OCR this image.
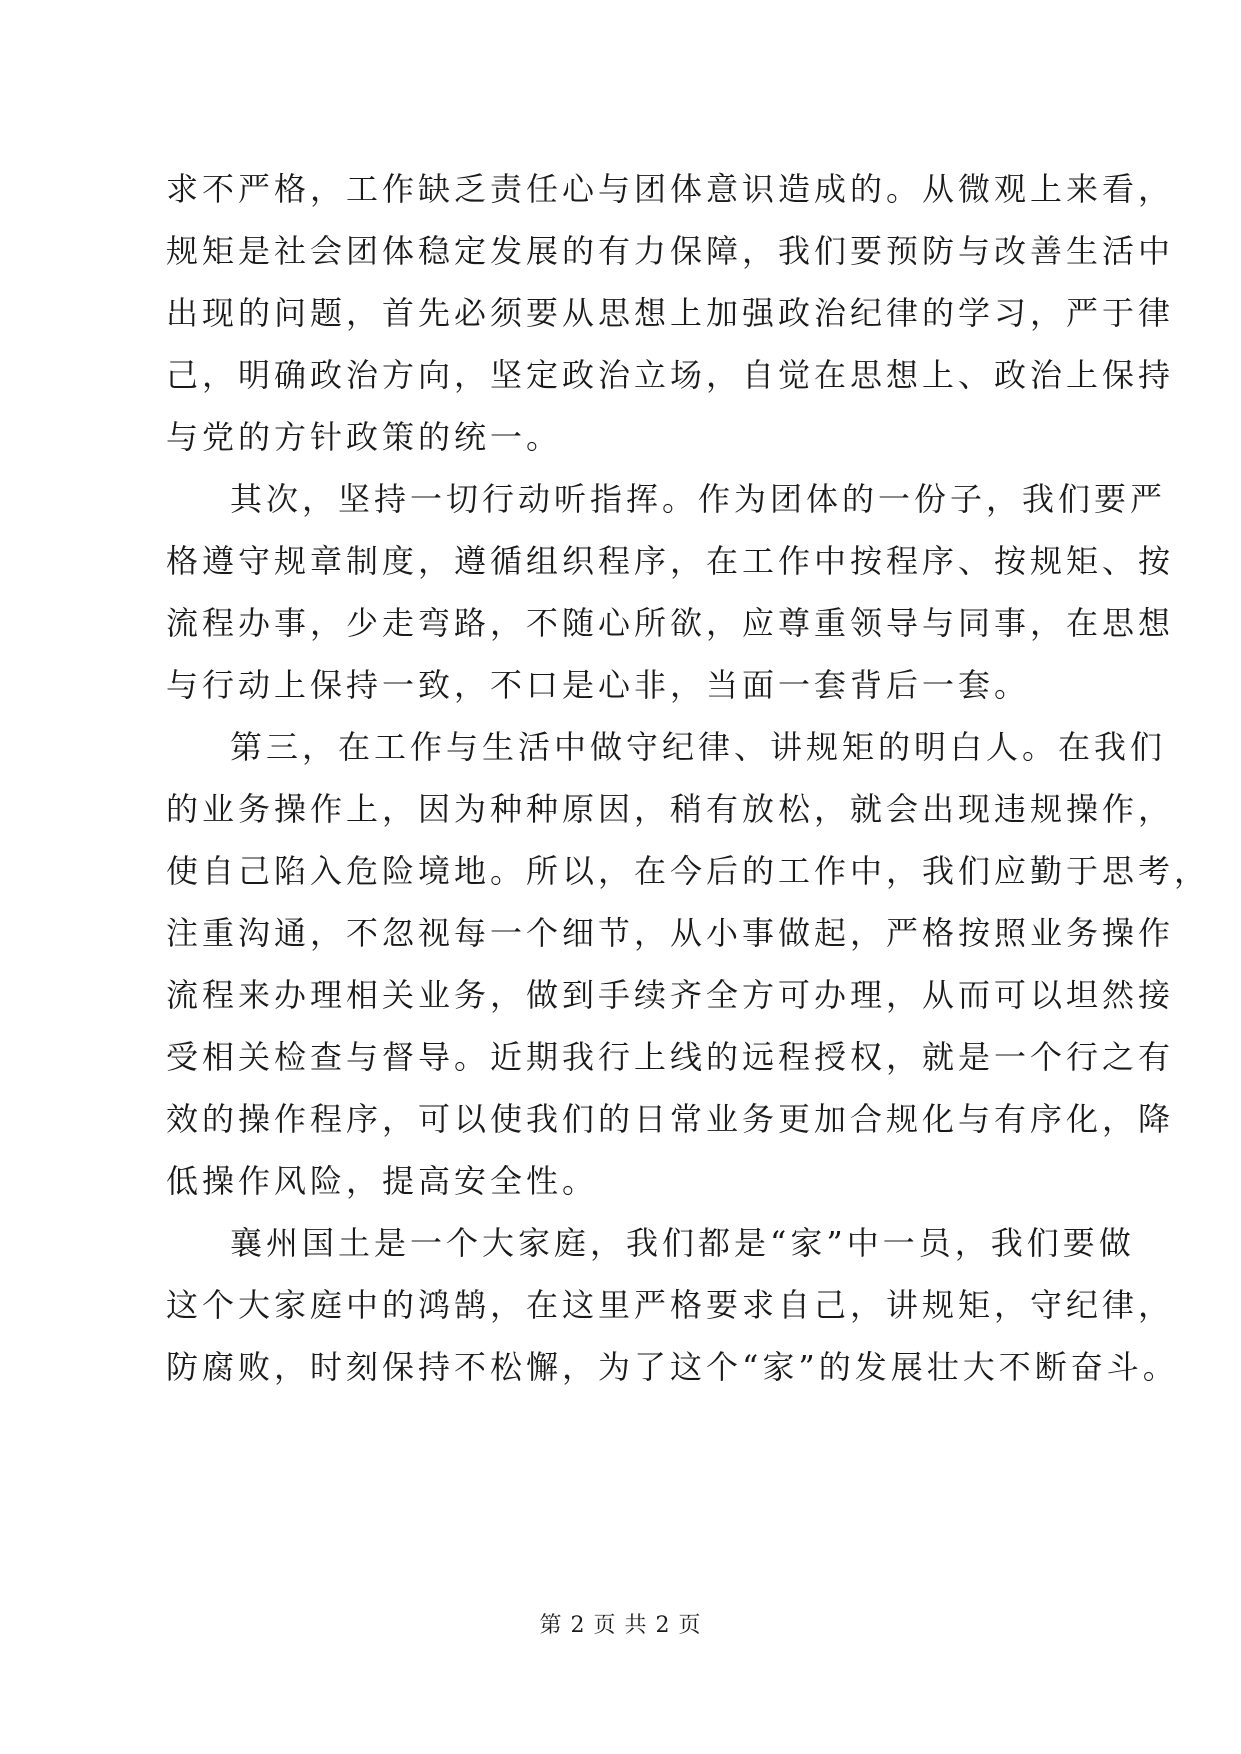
求不严格，工作缺乏责任心与团体意识造成的。从微观上来看，
规矩是社会团体稳定发展的有力保障，我们要预防与改善生活中
出现的问题，首先必须要从思想上加强政治纪律的学习，严于律
己，明确政治方向，坚定政治立场，自觉在思想上、政治上保持
与党的方针政策的统一。
其次，坚持一切行动听指挥。作为团体的一份子，我们要严
格遵守规章制度，遵循组织程序，在工作中按程序、按规矩、按
流程办事，少走弯路，不随心所欲，应尊重领导与同事，在思想
与行动上保持一致，不口是心非，当面一套背后一套。
第三，在工作与生活中做守纪律、讲规矩的明白人。在我们
的业务操作上，因为种种原因，稍有放松，就会出现违规操作，
使自己陷入危险境地。所以，在今后的工作中，我们应勤于思考，
注重沟通，不忽视每一个细节，从小事做起，严格按照业务操作
流程来办理相关业务，做到手续齐全方可办理，从而可以坦然接
受相关检查与督导。近期我行上线的远程授权，就是一个行之有
效的操作程序，可以使我们的日常业务更加合规化与有序化，降
低操作风险，提高安全性。
襄州国土是一个大家庭，我们都是“家”中一员，我们要做
这个大家庭中的鸿鹄，在这里严格要求自己，讲规矩，守纪律，
防腐败，时刻保持不松懈，为了这个“家”的发展壮大不断奋斗。
第 2 页 共 2 页
